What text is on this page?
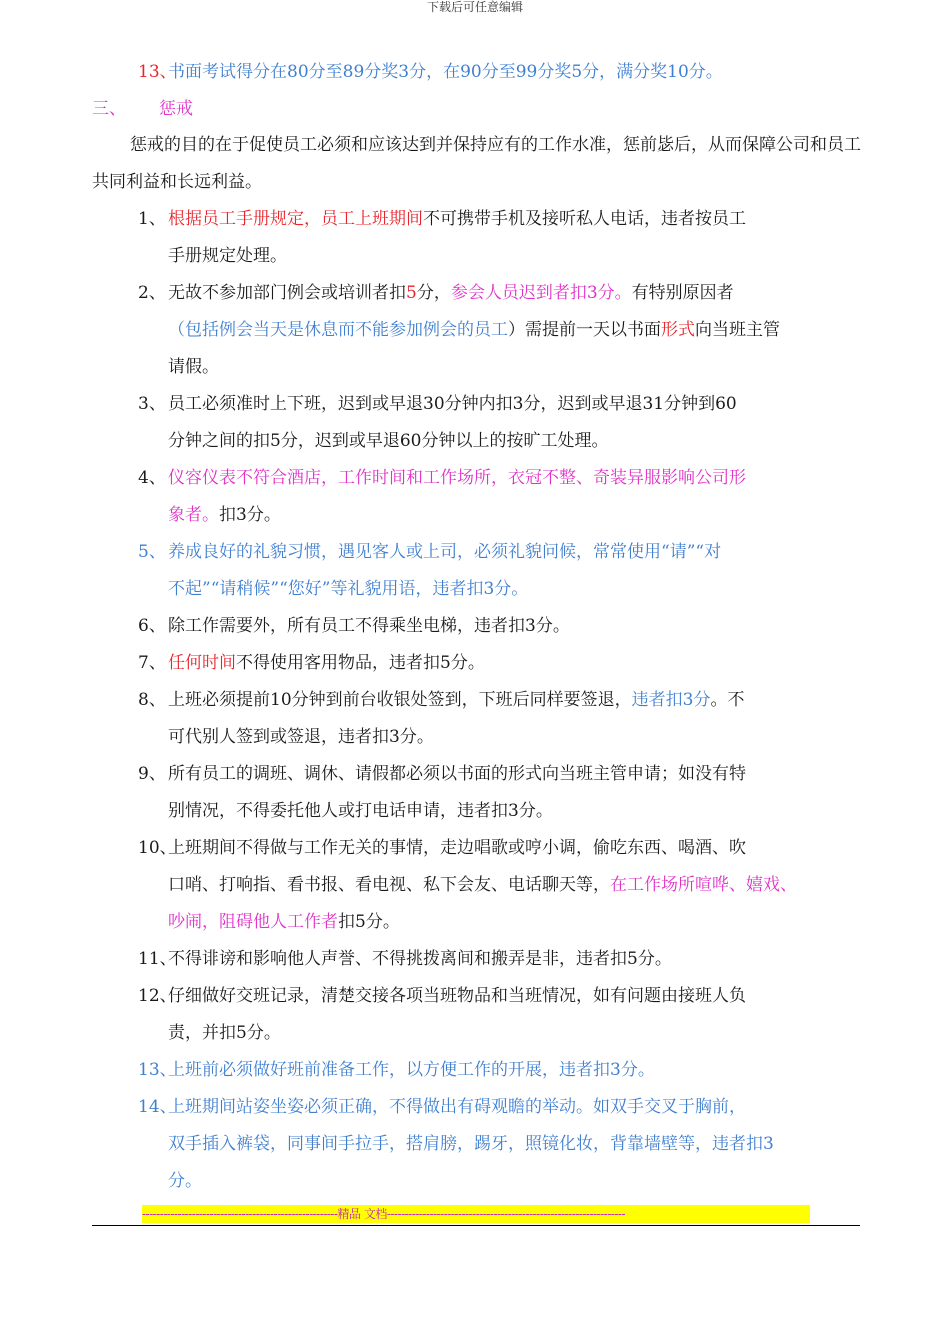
下载后可任意编辑
13、
书面考试得分在80分至89分奖3分，在90分至99分奖5分，满分奖10分。
三、 惩戒
惩戒的目的在于促使员工必须和应该达到并保持应有的工作水准，惩前毖后，从而保障公司和员工共同利益和长远利益。
1、 根据员工手册规定，员工上班期间不可携带手机及接听私人电话，违者按员工
手册规定处理。
2、 无故不参加部门例会或培训者扣5分，参会人员迟到者扣3分。有特别原因者
（包括例会当天是休息而不能参加例会的员工）需提前一天以书面形式向当班主管
请假。
3、 员工必须准时上下班，迟到或早退30分钟内扣3分，迟到或早退31分钟到60
分钟之间的扣5分，迟到或早退60分钟以上的按旷工处理。
4、 仪容仪表不符合酒店，工作时间和工作场所，衣冠不整、奇装异服影响公司形
象者。扣3分。
5、 养成良好的礼貌习惯，遇见客人或上司，必须礼貌问候，常常使用“请”“对
不起”“请稍候”“您好”等礼貌用语，违者扣3分。
6、 除工作需要外，所有员工不得乘坐电梯，违者扣3分。
7、 任何时间不得使用客用物品，违者扣5分。
8、 上班必须提前10分钟到前台收银处签到，下班后同样要签退，违者扣3分。不
可代别人签到或签退，违者扣3分。
9、 所有员工的调班、调休、请假都必须以书面的形式向当班主管申请；如没有特
别情况，不得委托他人或打电话申请，违者扣3分。
10、
上班期间不得做与工作无关的事情，走边唱歌或哼小调，偷吃东西、喝酒、吹
口哨、打响指、看书报、看电视、私下会友、电话聊天等，在工作场所喧哗、嬉戏、
吵闹，阻碍他人工作者扣5分。
11、
不得诽谤和影响他人声誉、不得挑拨离间和搬弄是非，违者扣5分。
12、
仔细做好交班记录，清楚交接各项当班物品和当班情况，如有问题由接班人负
责，并扣5分。
13、
上班前必须做好班前准备工作，以方便工作的开展，违者扣3分。
14、
上班期间站姿坐姿必须正确，不得做出有碍观瞻的举动。如双手交叉于胸前，
双手插入裤袋，同事间手拉手，搭肩膀，踢牙，照镜化妆，背靠墙壁等，违者扣3
分。
-------------------------------------------------------精品 文档-------------------------------------------------------------------
